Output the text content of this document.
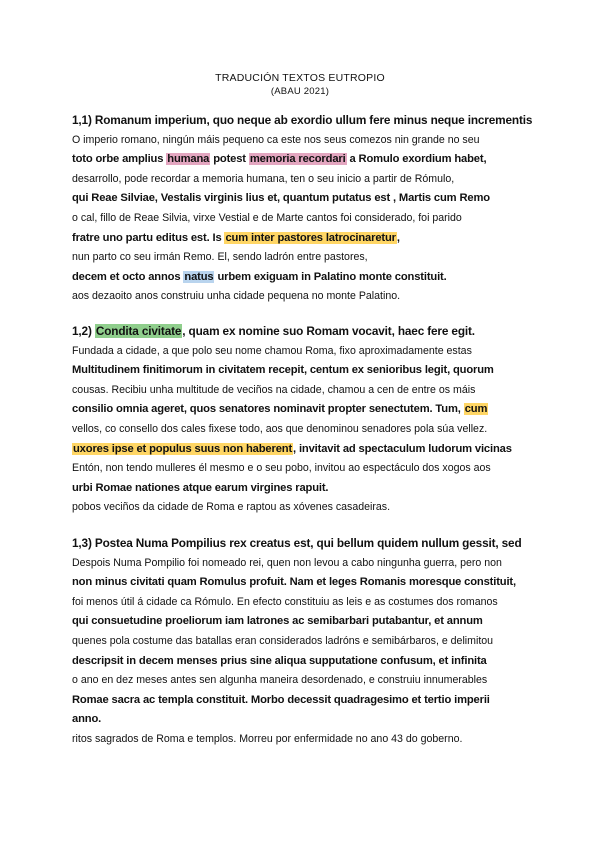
TRADUCIÓN TEXTOS EUTROPIO
(ABAU 2021)
1,1) Romanum imperium, quo neque ab exordio ullum fere minus neque incrementis
O imperio romano, ningún máis pequeno ca este nos seus comezos nin grande no seu
toto orbe amplius humana potest memoria recordari a Romulo exordium habet,
desarrollo, pode recordar a memoria humana, ten o seu inicio a partir de Rómulo,
qui Reae Silviae, Vestalis virginis lius et, quantum putatus est , Martis cum Remo
o cal, fillo de Reae Silvia, virxe Vestial e de Marte cantos foi considerado, foi parido
fratre uno partu editus est. Is cum inter pastores latrocinaretur,
nun parto co seu irmán Remo. El, sendo ladrón entre pastores,
decem et octo annos natus urbem exiguam in Palatino monte constituit.
aos dezaoito anos construiu unha cidade pequena no monte Palatino.
1,2) Condita civitate, quam ex nomine suo Romam vocavit, haec fere egit.
Fundada a cidade, a que polo seu nome chamou Roma, fixo aproximadamente estas
Multitudinem finitimorum in civitatem recepit, centum ex senioribus legit, quorum
cousas. Recibiu unha multitude de veciños na cidade, chamou a cen de entre os máis
consilio omnia ageret, quos senatores nominavit propter senectutem. Tum, cum
vellos, co consello dos cales fixese todo, aos que denominou senadores pola súa vellez.
uxores ipse et populus suus non haberent, invitavit ad spectaculum ludorum vicinas
Entón, non tendo mulleres él mesmo e o seu pobo, invitou ao espectáculo dos xogos aos
urbi Romae nationes atque earum virgines rapuit.
pobos veciños da cidade de Roma e raptou as xóvenes casadeiras.
1,3) Postea Numa Pompilius rex creatus est, qui bellum quidem nullum gessit, sed
Despois Numa Pompilio foi nomeado rei, quen non levou a cabo ningunha guerra, pero non
non minus civitati quam Romulus profuit. Nam et leges Romanis moresque constituit,
foi menos útil á cidade ca Rómulo. En efecto constituiu as leis e as costumes dos romanos
qui consuetudine proeliorum iam latrones ac semibarbari putabantur, et annum
quenes pola costume das batallas eran considerados ladróns e semibárbaros, e delimitou
descripsit in decem menses prius sine aliqua supputatione confusum, et infinita
o ano en dez meses antes sen algunha maneira desordenado, e construiu innumerables
Romae sacra ac templa constituit. Morbo decessit quadragesimo et tertio imperii
anno.
ritos sagrados de Roma e templos. Morreu por enfermidade no ano 43 do goberno.
